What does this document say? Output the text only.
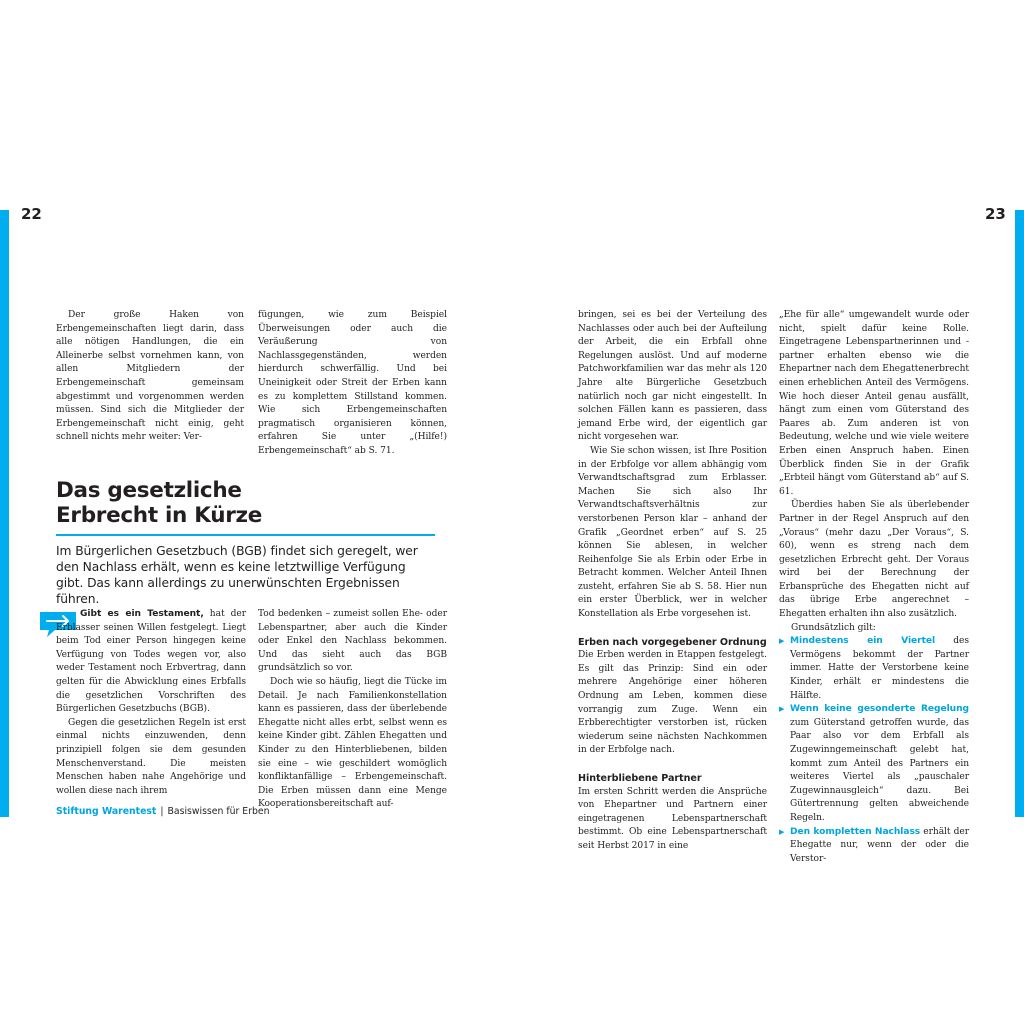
22

Der große Haken von Erbengemeinschaften liegt darin, dass alle nötigen Handlungen, die ein Alleinerbe selbst vornehmen kann, von allen Mitgliedern der Erbengemeinschaft gemeinsam abgestimmt und vorgenommen werden müssen. Sind sich die Mitglieder der Erbengemeinschaft nicht einig, geht schnell nichts mehr weiter: Ver-

fügungen, wie zum Beispiel Überweisungen oder auch die Veräußerung von Nachlassgegenständen, werden hierdurch schwerfällig. Und bei Uneinigkeit oder Streit der Erben kann es zu komplettem Stillstand kommen. Wie sich Erbengemeinschaften pragmatisch organisieren können, erfahren Sie unter „(Hilfe!) Erbengemeinschaft“ ab S. 71.

Das gesetzliche
Erbrecht in Kürze
Im Bürgerlichen Gesetzbuch (BGB) findet sich geregelt, wer den Nachlass erhält, wenn es keine letztwillige Verfügung gibt. Das kann allerdings zu unerwünschten Ergebnissen führen.

Gibt es ein Testament, hat der Erblasser seinen Willen festgelegt. Liegt beim Tod einer Person hingegen keine Verfügung von Todes wegen vor, also weder Testament noch Erbvertrag, dann gelten für die Abwicklung eines Erbfalls die gesetzlichen Vorschriften des Bürgerlichen Gesetzbuchs (BGB).

Gegen die gesetzlichen Regeln ist erst einmal nichts einzuwenden, denn prinzipiell folgen sie dem gesunden Menschenverstand. Die meisten Menschen haben nahe Angehörige und wollen diese nach ihrem

Tod bedenken – zumeist sollen Ehe- oder Lebenspartner, aber auch die Kinder oder Enkel den Nachlass bekommen. Und das sieht auch das BGB grundsätzlich so vor.

Doch wie so häufig, liegt die Tücke im Detail. Je nach Familienkonstellation kann es passieren, dass der überlebende Ehegatte nicht alles erbt, selbst wenn es keine Kinder gibt. Zählen Ehegatten und Kinder zu den Hinterbliebenen, bilden sie eine – wie geschildert womöglich konfliktanfällige – Erbengemeinschaft. Die Erben müssen dann eine Menge Kooperationsbereitschaft auf-

Stiftung Warentest | Basiswissen für Erben
23

bringen, sei es bei der Verteilung des Nachlasses oder auch bei der Aufteilung der Arbeit, die ein Erbfall ohne Regelungen auslöst. Und auf moderne Patchworkfamilien war das mehr als 120 Jahre alte Bürgerliche Gesetzbuch natürlich noch gar nicht eingestellt. In solchen Fällen kann es passieren, dass jemand Erbe wird, der eigentlich gar nicht vorgesehen war.

Wie Sie schon wissen, ist Ihre Position in der Erbfolge vor allem abhängig vom Verwandtschaftsgrad zum Erblasser. Machen Sie sich also Ihr Verwandtschaftsverhältnis zur verstorbenen Person klar – anhand der Grafik „Geordnet erben“ auf S. 25 können Sie ablesen, in welcher Reihenfolge Sie als Erbin oder Erbe in Betracht kommen. Welcher Anteil Ihnen zusteht, erfahren Sie ab S. 58. Hier nun ein erster Überblick, wer in welcher Konstellation als Erbe vorgesehen ist.

Erben nach vorgegebener Ordnung

Die Erben werden in Etappen festgelegt. Es gilt das Prinzip: Sind ein oder mehrere Angehörige einer höheren Ordnung am Leben, kommen diese vorrangig zum Zuge. Wenn ein Erbberechtigter verstorben ist, rücken wiederum seine nächsten Nachkommen in der Erbfolge nach.

Hinterbliebene Partner

Im ersten Schritt werden die Ansprüche von Ehepartner und Partnern einer eingetragenen Lebenspartnerschaft bestimmt. Ob eine Lebenspartnerschaft seit Herbst 2017 in eine

„Ehe für alle“ umgewandelt wurde oder nicht, spielt dafür keine Rolle. Eingetragene Lebenspartnerinnen und -partner erhalten ebenso wie die Ehepartner nach dem Ehegattenerbrecht einen erheblichen Anteil des Vermögens. Wie hoch dieser Anteil genau ausfällt, hängt zum einen vom Güterstand des Paares ab. Zum anderen ist von Bedeutung, welche und wie viele weitere Erben einen Anspruch haben. Einen Überblick finden Sie in der Grafik „Erbteil hängt vom Güterstand ab“ auf S. 61.

Überdies haben Sie als überlebender Partner in der Regel Anspruch auf den „Voraus“ (mehr dazu „Der Voraus“, S. 60), wenn es streng nach dem gesetzlichen Erbrecht geht. Der Voraus wird bei der Berechnung der Erbansprüche des Ehegatten nicht auf das übrige Erbe angerechnet – Ehegatten erhalten ihn also zusätzlich.

Grundsätzlich gilt:

▶ Mindestens ein Viertel des Vermögens bekommt der Partner immer. Hatte der Verstorbene keine Kinder, erhält er mindestens die Hälfte.

▶ Wenn keine gesonderte Regelung zum Güterstand getroffen wurde, das Paar also vor dem Erbfall als Zugewinngemeinschaft gelebt hat, kommt zum Anteil des Partners ein weiteres Viertel als „pauschaler Zugewinnausgleich“ dazu. Bei Gütertrennung gelten abweichende Regeln.

▶ Den kompletten Nachlass erhält der Ehegatte nur, wenn der oder die Verstor-
